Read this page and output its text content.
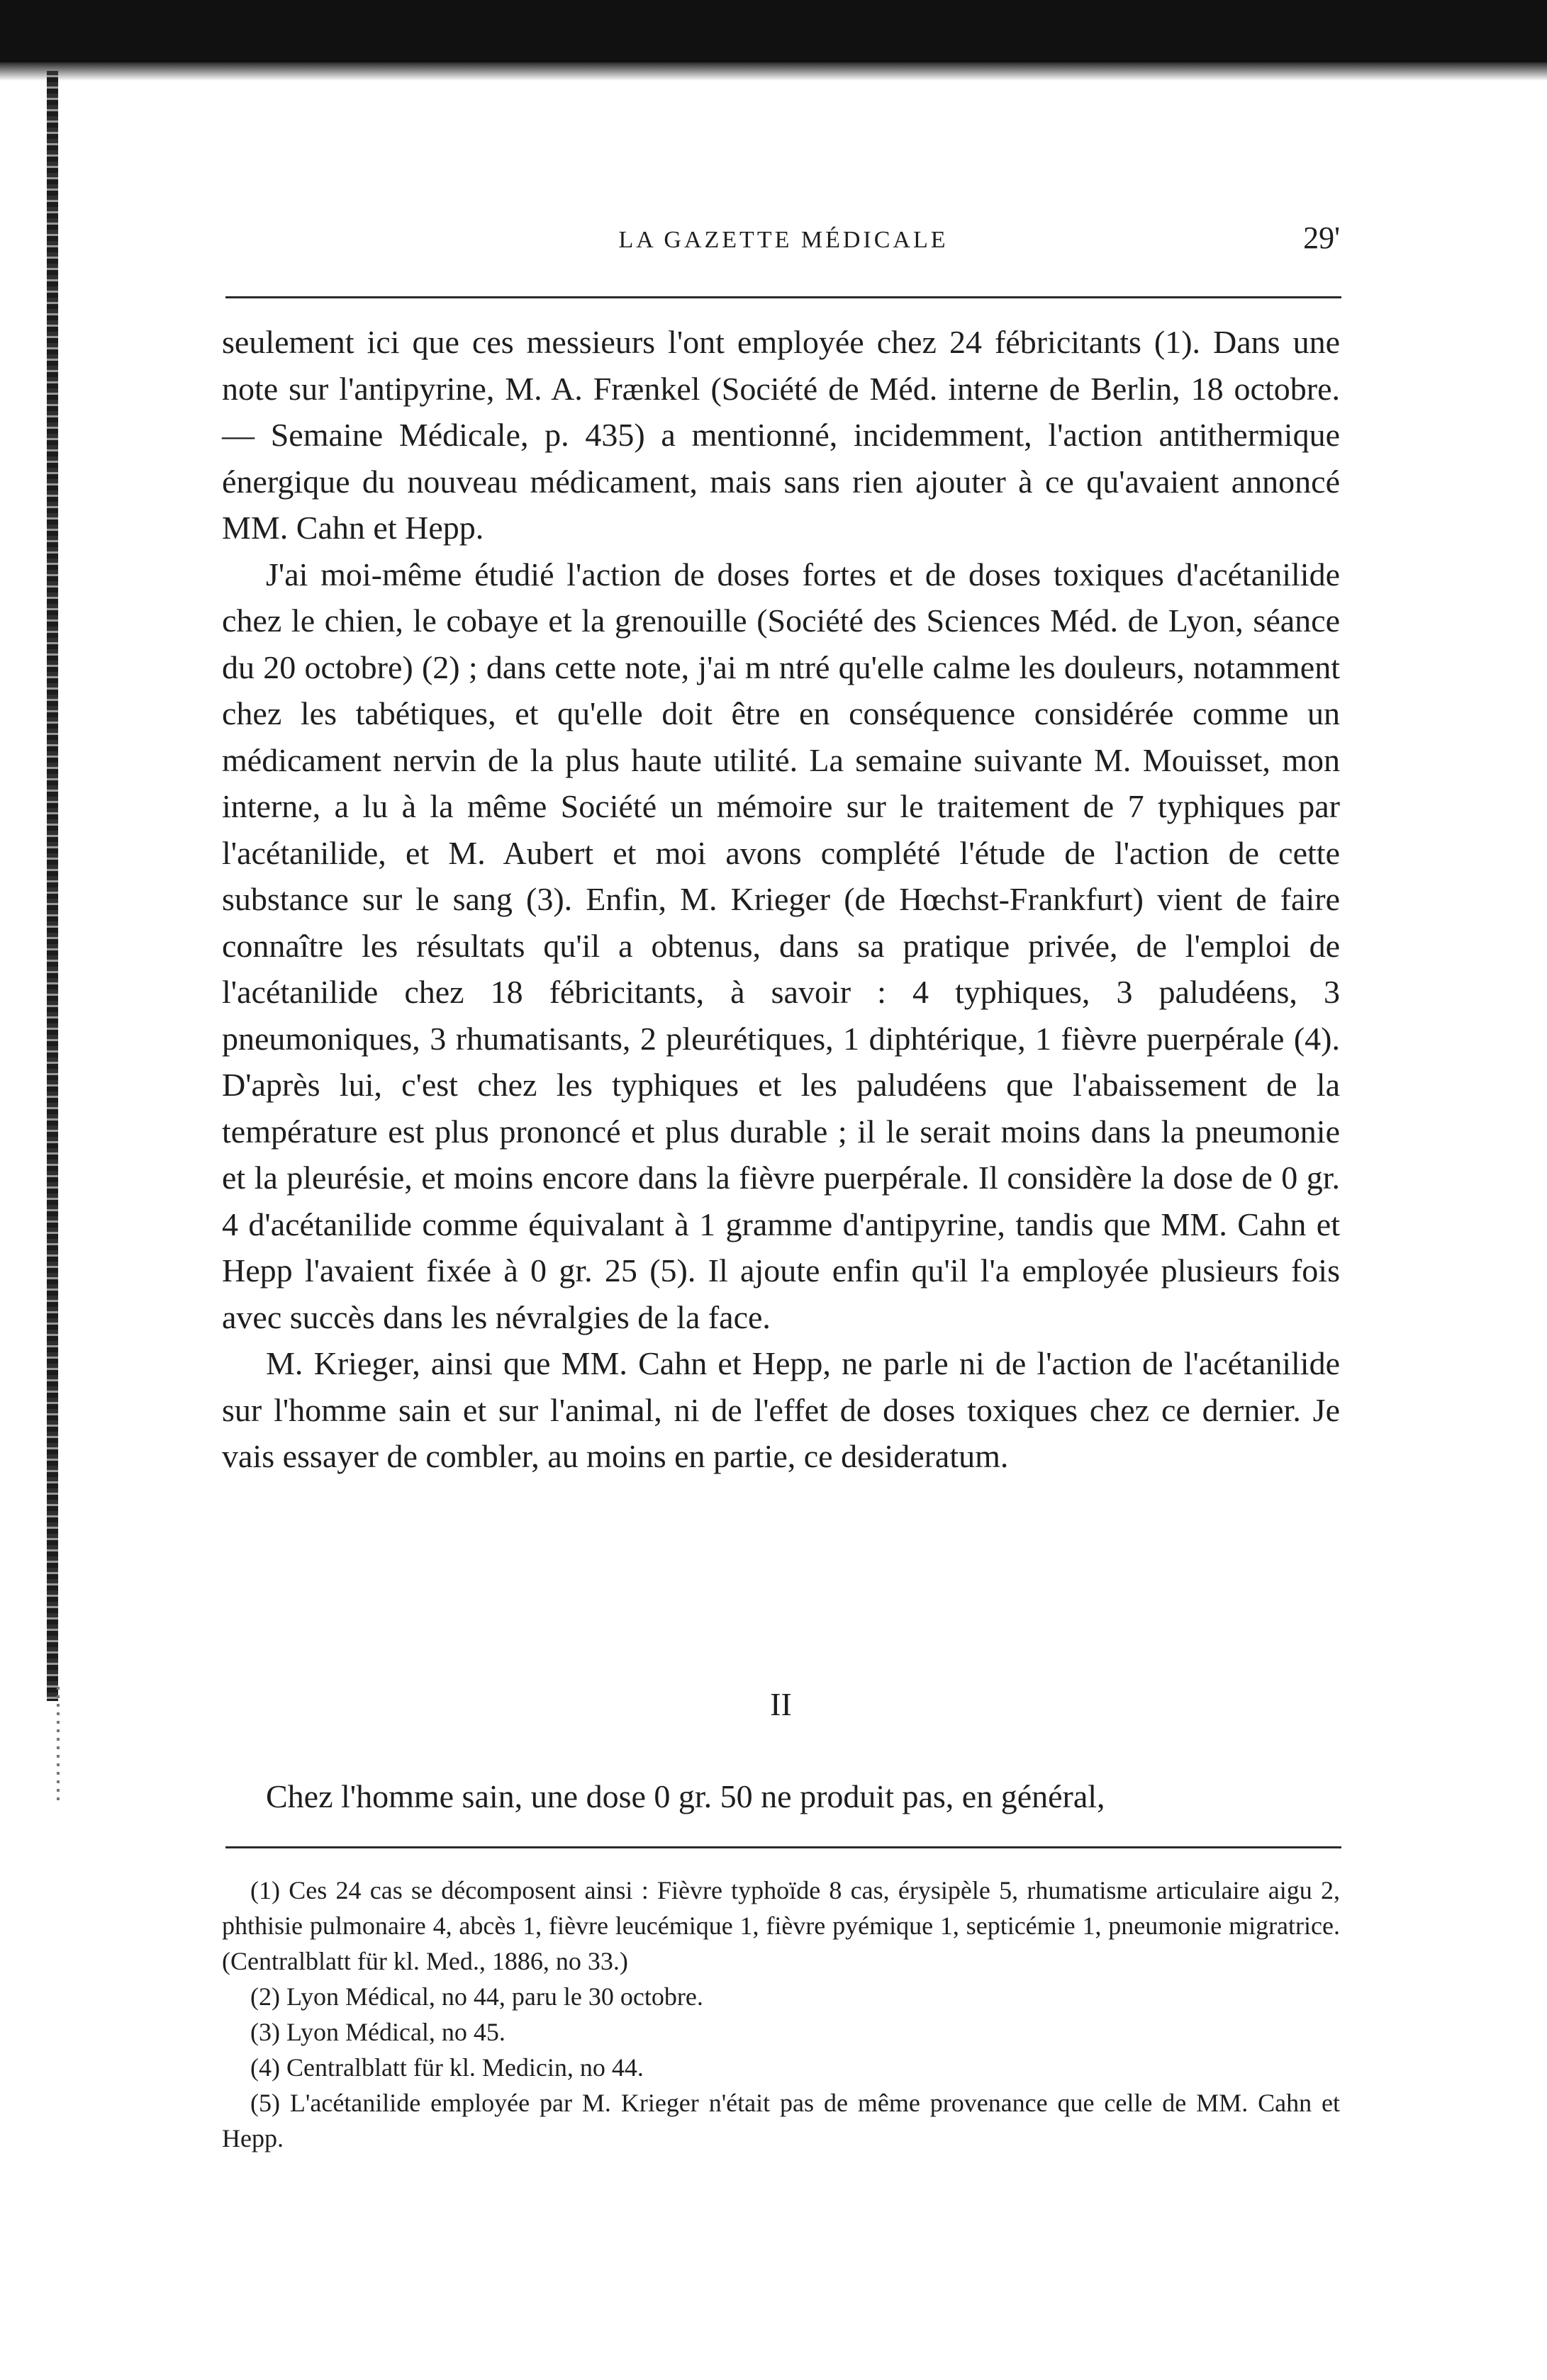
LA GAZETTE MÉDICALE	29'

seulement ici que ces messieurs l'ont employée chez 24 fébricitants (1). Dans une note sur l'antipyrine, M. A. Frænkel (Société de Méd. interne de Berlin, 18 octobre. — Semaine Médicale, p. 435) a mentionné, incidemment, l'action antithermique énergique du nouveau médicament, mais sans rien ajouter à ce qu'avaient annoncé MM. Cahn et Hepp.

J'ai moi-même étudié l'action de doses fortes et de doses toxiques d'acétanilide chez le chien, le cobaye et la grenouille (Société des Sciences Méd. de Lyon, séance du 20 octobre) (2) ; dans cette note, j'ai m ntré qu'elle calme les douleurs, notamment chez les tabétiques, et qu'elle doit être en conséquence considérée comme un médicament nervin de la plus haute utilité. La semaine suivante M. Mouisset, mon interne, a lu à la même Société un mémoire sur le traitement de 7 typhiques par l'acétanilide, et M. Aubert et moi avons complété l'étude de l'action de cette substance sur le sang (3). Enfin, M. Krieger (de Hœchst-Frankfurt) vient de faire connaître les résultats qu'il a obtenus, dans sa pratique privée, de l'emploi de l'acétanilide chez 18 fébricitants, à savoir : 4 typhiques, 3 paludéens, 3 pneumoniques, 3 rhumatisants, 2 pleurétiques, 1 diphtérique, 1 fièvre puerpérale (4). D'après lui, c'est chez les typhiques et les paludéens que l'abaissement de la température est plus prononcé et plus durable ; il le serait moins dans la pneumonie et la pleurésie, et moins encore dans la fièvre puerpérale. Il considère la dose de 0 gr. 4 d'acétanilide comme équivalant à 1 gramme d'antipyrine, tandis que MM. Cahn et Hepp l'avaient fixée à 0 gr. 25 (5). Il ajoute enfin qu'il l'a employée plusieurs fois avec succès dans les névralgies de la face.

M. Krieger, ainsi que MM. Cahn et Hepp, ne parle ni de l'action de l'acétanilide sur l'homme sain et sur l'animal, ni de l'effet de doses toxiques chez ce dernier. Je vais essayer de combler, au moins en partie, ce desideratum.

II
Chez l'homme sain, une dose 0 gr. 50 ne produit pas, en général,

(1) Ces 24 cas se décomposent ainsi : Fièvre typhoïde 8 cas, érysipèle 5, rhumatisme articulaire aigu 2, phthisie pulmonaire 4, abcès 1, fièvre leucémique 1, fièvre pyémique 1, septicémie 1, pneumonie migratrice. (Centralblatt für kl. Med., 1886, no 33.)

(2) Lyon Médical, no 44, paru le 30 octobre.

(3) Lyon Médical, no 45.

(4) Centralblatt für kl. Medicin, no 44.

(5) L'acétanilide employée par M. Krieger n'était pas de même provenance que celle de MM. Cahn et Hepp.
